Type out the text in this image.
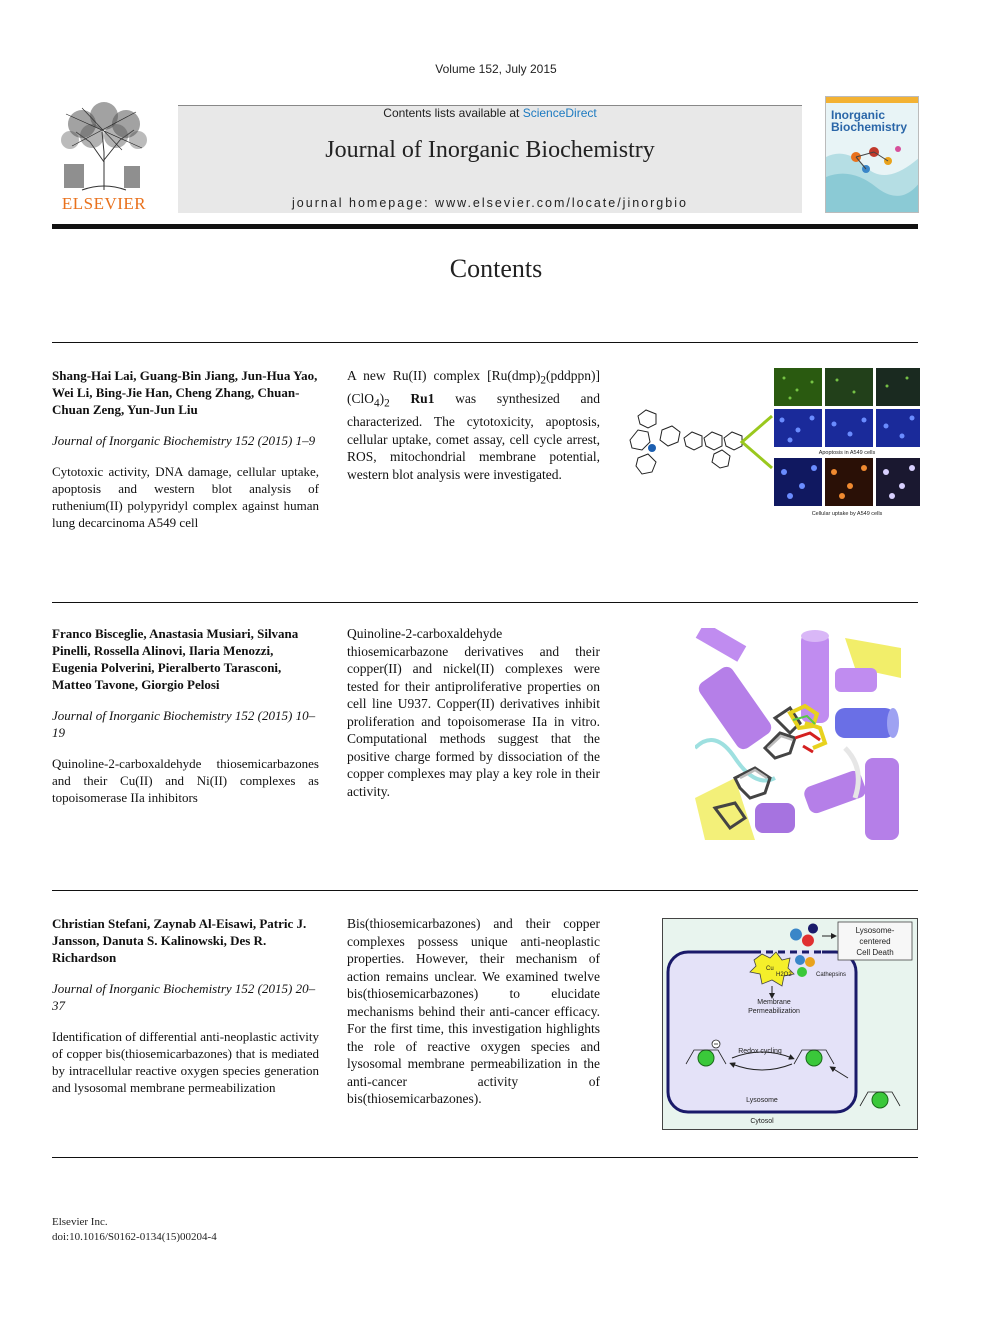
Volume 152, July 2015
ELSEVIER
Contents lists available at ScienceDirect
Journal of Inorganic Biochemistry
journal homepage: www.elsevier.com/locate/jinorgbio
Inorganic
Biochemistry
Contents
Shang-Hai Lai, Guang-Bin Jiang, Jun-Hua Yao, Wei Li, Bing-Jie Han, Cheng Zhang, Chuan-Chuan Zeng, Yun-Jun Liu
Journal of Inorganic Biochemistry 152 (2015) 1–9
Cytotoxic activity, DNA damage, cellular uptake, apoptosis and western blot analysis of ruthenium(II) polypyridyl complex against human lung decarcinoma A549 cell
A new Ru(II) complex $[Ru(dmp)_2(pddppn)](ClO_4)_2$ Ru1 was synthesized and characterized. The cytotoxicity, apoptosis, cellular uptake, comet assay, cell cycle arrest, ROS, mitochondrial membrane potential, western blot analysis were investigated.
Apoptosis in A549 cells
Cellular uptake by A549 cells
Franco Bisceglie, Anastasia Musiari, Silvana Pinelli, Rossella Alinovi, Ilaria Menozzi, Eugenia Polverini, Pieralberto Tarasconi, Matteo Tavone, Giorgio Pelosi
Journal of Inorganic Biochemistry 152 (2015) 10–19
Quinoline-2-carboxaldehyde thiosemicarbazones and their Cu(II) and Ni(II) complexes as topoisomerase IIa inhibitors
Quinoline-2-carboxaldehyde thiosemicarbazone derivatives and their copper(II) and nickel(II) complexes were tested for their antiproliferative properties on cell line U937. Copper(II) derivatives inhibit proliferation and topoisomerase IIa in vitro. Computational methods suggest that the positive charge formed by dissociation of the copper complexes may play a key role in their activity.
Christian Stefani, Zaynab Al-Eisawi, Patric J. Jansson, Danuta S. Kalinowski, Des R. Richardson
Journal of Inorganic Biochemistry 152 (2015) 20–37
Identification of differential anti-neoplastic activity of copper bis(thiosemicarbazones) that is mediated by intracellular reactive oxygen species generation and lysosomal membrane permeabilization
Bis(thiosemicarbazones) and their copper complexes possess unique anti-neoplastic properties. However, their mechanism of action remains unclear. We examined twelve bis(thiosemicarbazones) to elucidate mechanisms behind their anti-cancer efficacy. For the first time, this investigation highlights the role of reactive oxygen species and lysosomal membrane permeabilization in the anti-cancer activity of bis(thiosemicarbazones).
Cu
H2O2
Membrane
Permeabilization
Redox cycling
Lysosome
Cytosol
Cathepsins
Lysosome-
centered
Cell Death
Elsevier Inc.
doi:10.1016/S0162-0134(15)00204-4
